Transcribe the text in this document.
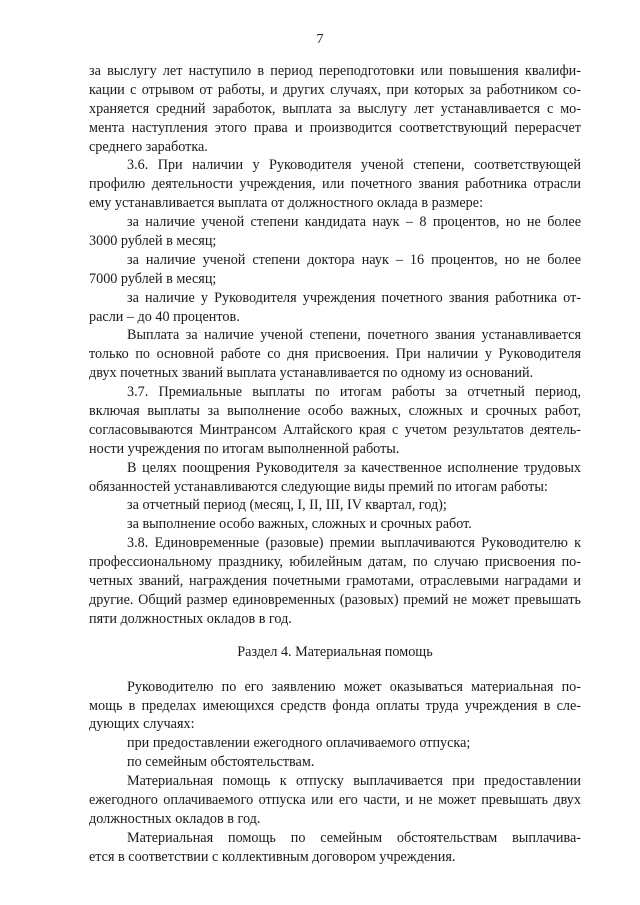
7
за выслугу лет наступило в период переподготовки или повышения квалифи-
кации с отрывом от работы, и других случаях, при которых за работником со-
храняется средний заработок, выплата за выслугу лет устанавливается с мо-
мента наступления этого права и производится соответствующий перерасчет
среднего заработка.
3.6. При наличии у Руководителя ученой степени, соответствующей
профилю деятельности учреждения, или почетного звания работника отрасли
ему устанавливается выплата от должностного оклада в размере:
за наличие ученой степени кандидата наук – 8 процентов, но не более
3000 рублей в месяц;
за наличие ученой степени доктора наук – 16 процентов, но не более
7000 рублей в месяц;
за наличие у Руководителя учреждения почетного звания работника от-
расли – до 40 процентов.
Выплата за наличие ученой степени, почетного звания устанавливается
только по основной работе со дня присвоения. При наличии у Руководителя
двух почетных званий выплата устанавливается по одному из оснований.
3.7. Премиальные выплаты по итогам работы за отчетный период,
включая выплаты за выполнение особо важных, сложных и срочных работ,
согласовываются Минтрансом Алтайского края с учетом результатов деятель-
ности учреждения по итогам выполненной работы.
В целях поощрения Руководителя за качественное исполнение трудовых
обязанностей устанавливаются следующие виды премий по итогам работы:
за отчетный период (месяц, I, II, III, IV квартал, год);
за выполнение особо важных, сложных и срочных работ.
3.8. Единовременные (разовые) премии выплачиваются Руководителю к
профессиональному празднику, юбилейным датам, по случаю присвоения по-
четных званий, награждения почетными грамотами, отраслевыми наградами и
другие. Общий размер единовременных (разовых) премий не может превышать
пяти должностных окладов в год.
Раздел 4. Материальная помощь
Руководителю по его заявлению может оказываться материальная по-
мощь в пределах имеющихся средств фонда оплаты труда учреждения в сле-
дующих случаях:
при предоставлении ежегодного оплачиваемого отпуска;
по семейным обстоятельствам.
Материальная помощь к отпуску выплачивается при предоставлении
ежегодного оплачиваемого отпуска или его части, и не может превышать двух
должностных окладов в год.
Материальная помощь по семейным обстоятельствам выплачива-
ется в соответствии с коллективным договором учреждения.
